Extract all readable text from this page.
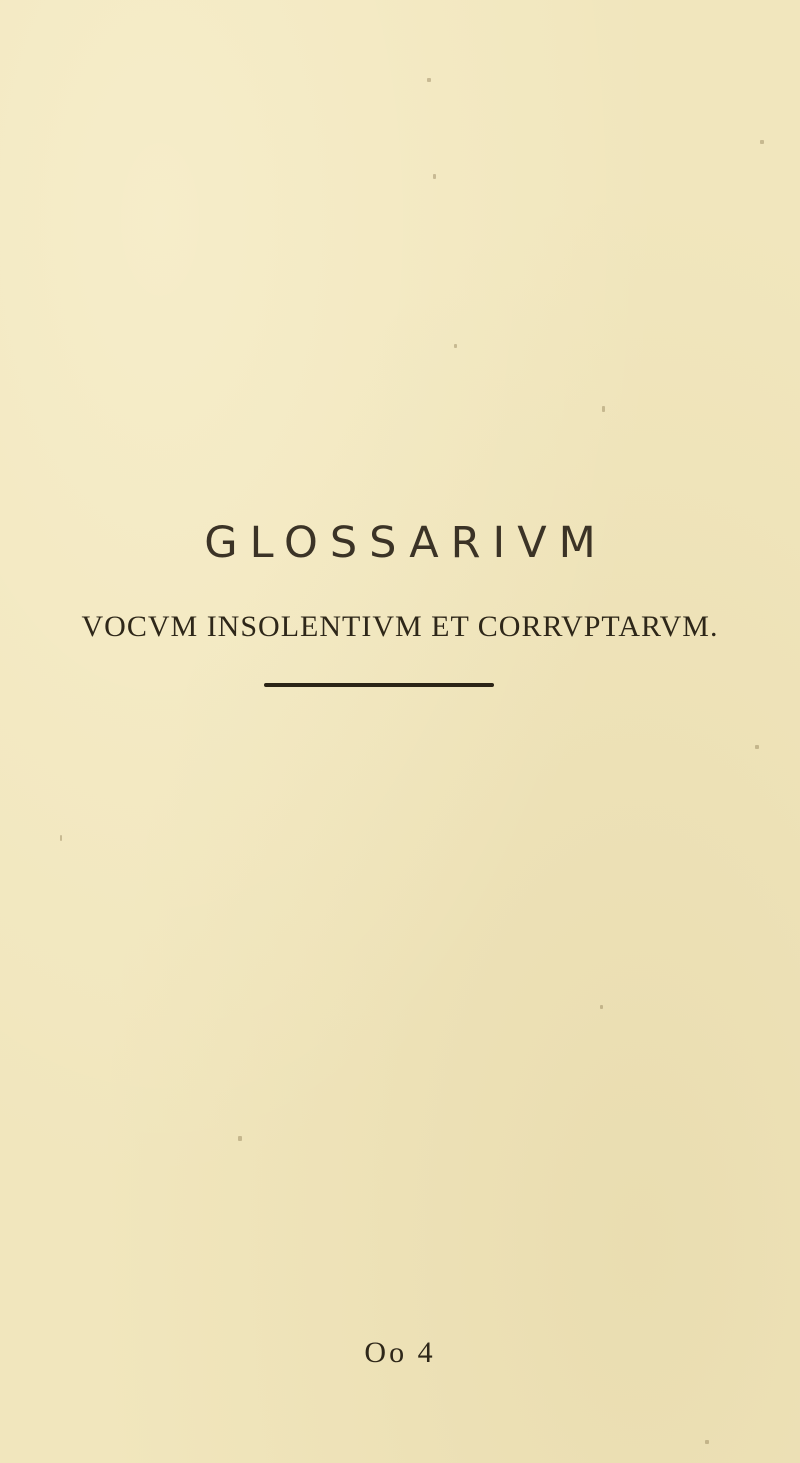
GLOSSARIVM
VOCVM INSOLENTIVM ET CORRVPTARVM.
Oo 4
